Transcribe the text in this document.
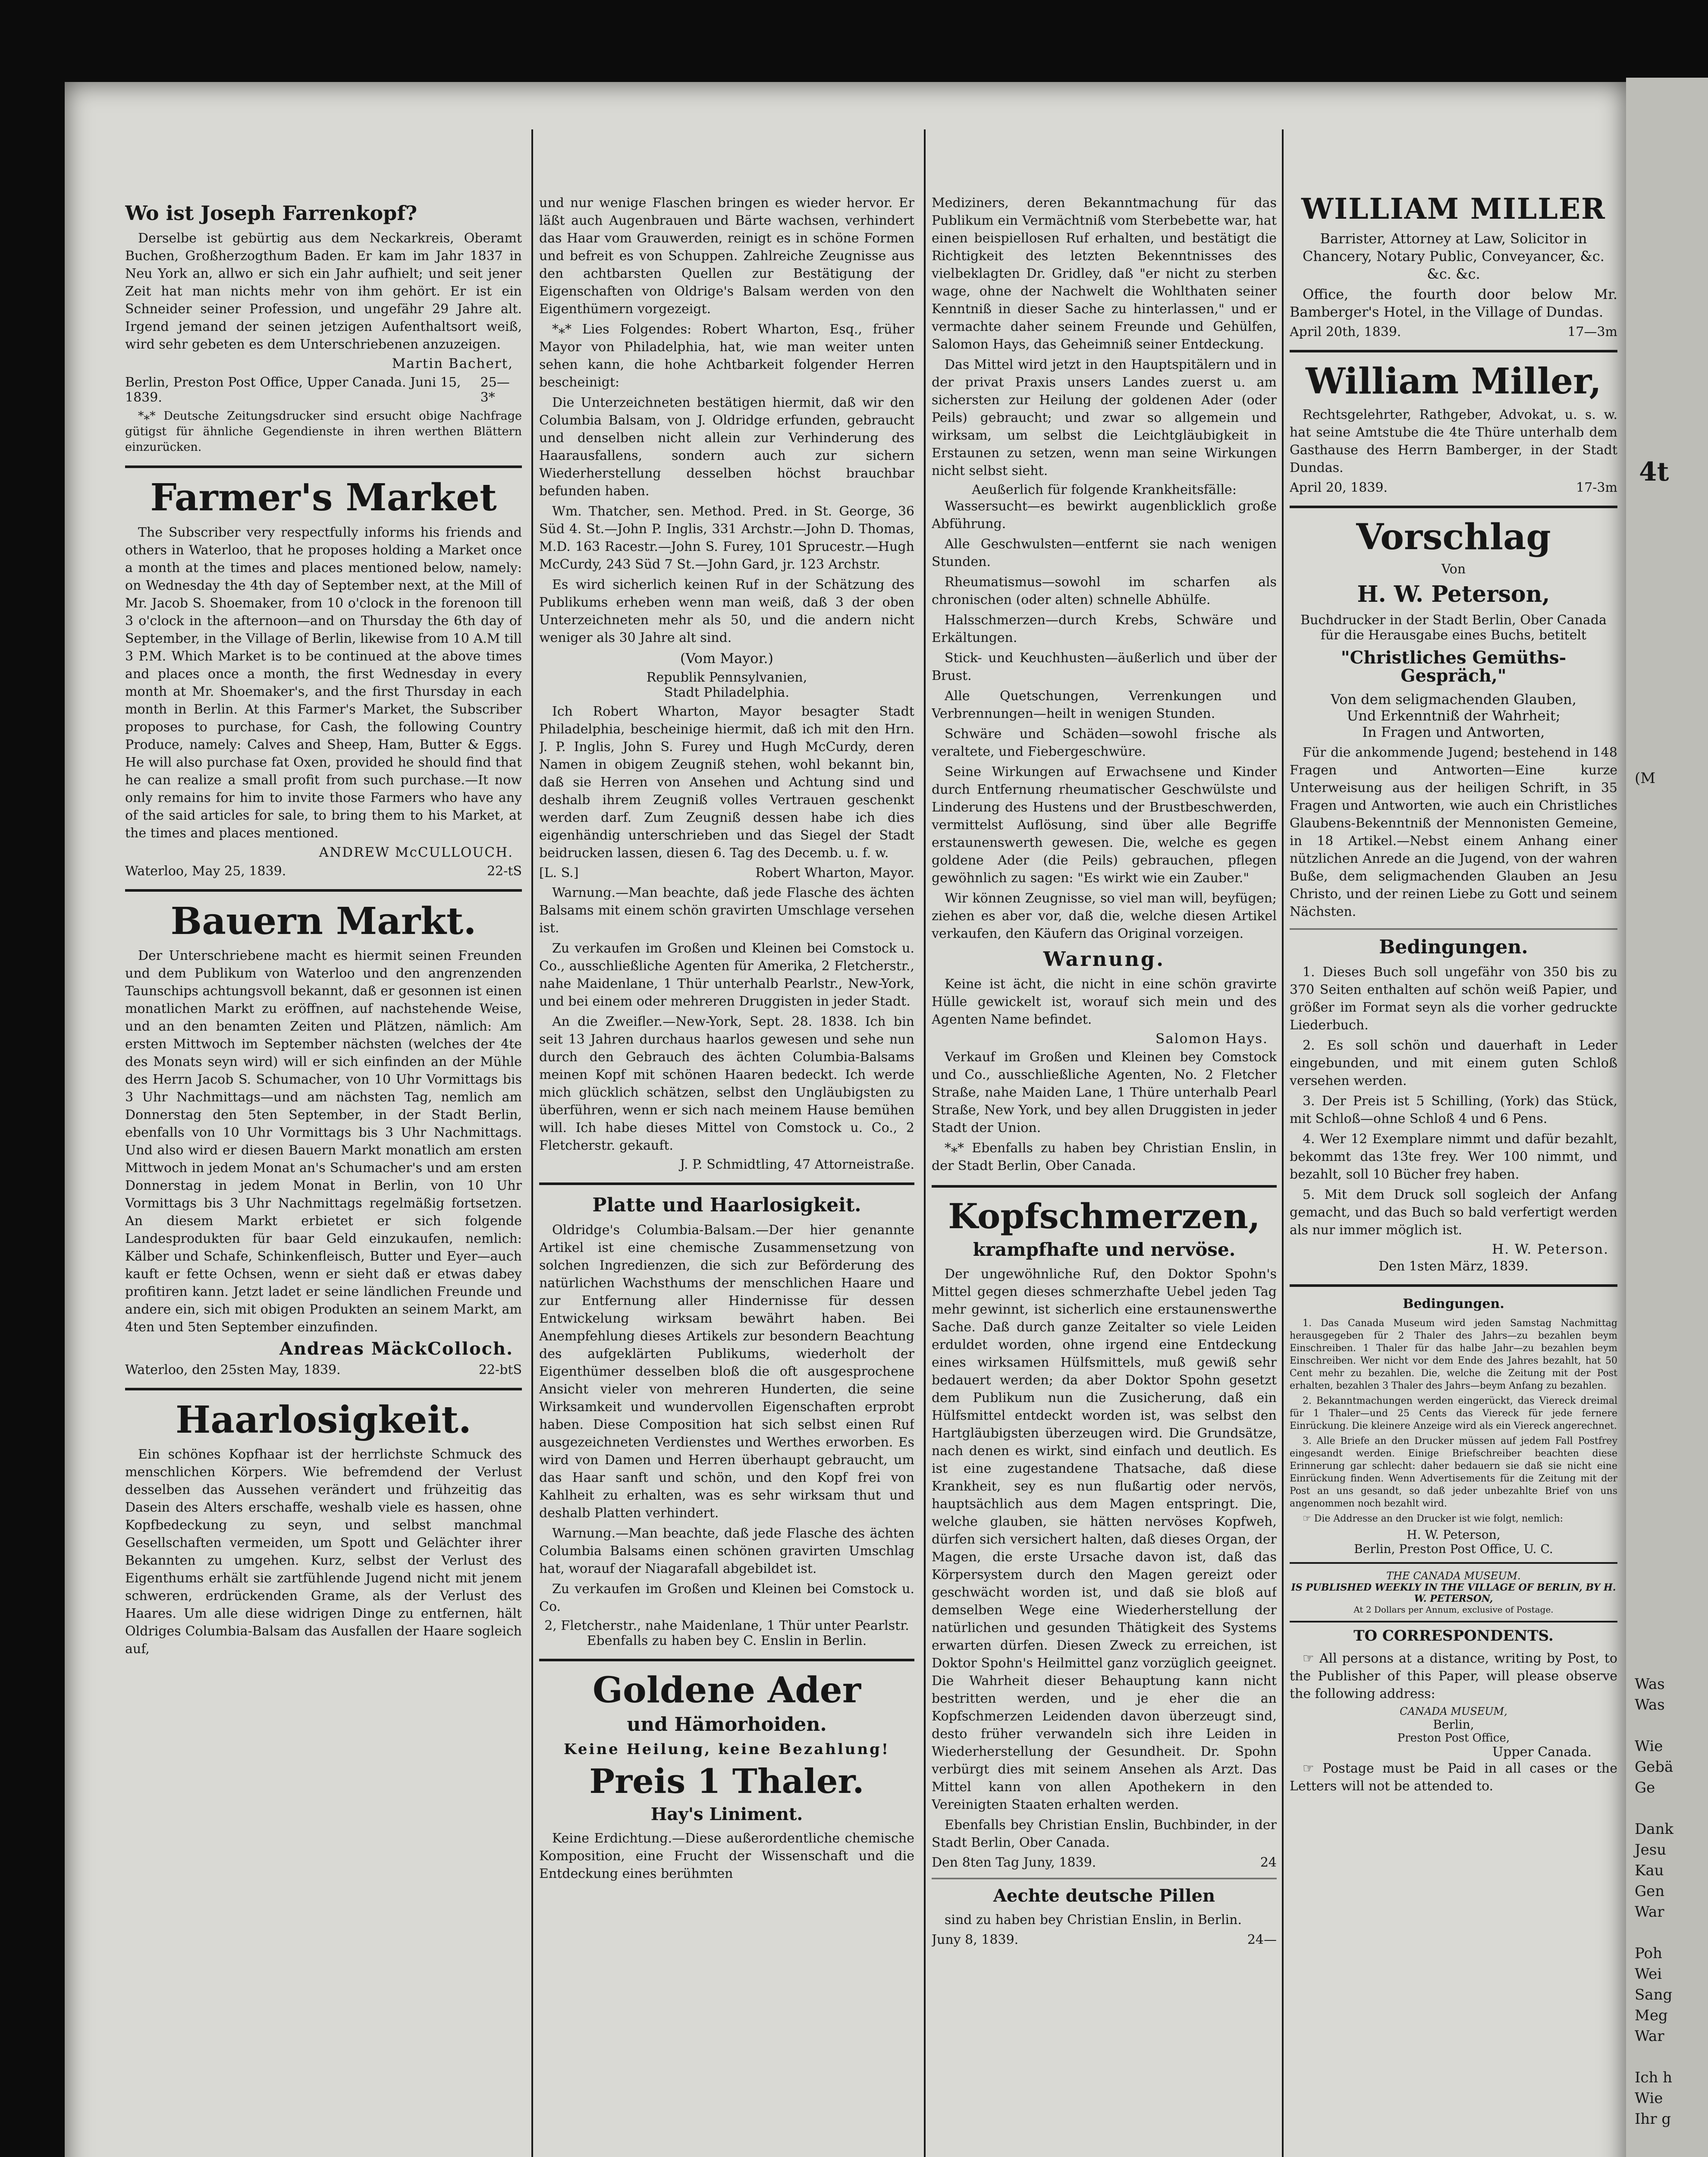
4t
(M
Was
Was

Wie
Gebä
Ge

Dank
Jesu
Kau
Gen
War

Poh
Wei
Sang
Meg
War

Ich h
Wie
Ihr g
Wo ist Joseph Farrenkopf?

Derselbe ist gebürtig aus dem Neckarkreis, Oberamt Buchen, Großherzogthum Baden. Er kam im Jahr 1837 in Neu York an, allwo er sich ein Jahr aufhielt; und seit jener Zeit hat man nichts mehr von ihm gehört. Er ist ein Schneider seiner Profession, und ungefähr 29 Jahre alt. Irgend jemand der seinen jetzigen Aufenthaltsort weiß, wird sehr gebeten es dem Unterschriebenen anzuzeigen.

Martin Bachert,
Berlin, Preston Post Office, Upper Canada. Juni 15, 1839.
25—3*

*⁎* Deutsche Zeitungsdrucker sind ersucht obige Nachfrage gütigst für ähnliche Gegendienste in ihren werthen Blättern einzurücken.

Farmer's Market

The Subscriber very respectfully informs his friends and others in Waterloo, that he proposes holding a Market once a month at the times and places mentioned below, namely: on Wednesday the 4th day of September next, at the Mill of Mr. Jacob S. Shoemaker, from 10 o'clock in the forenoon till 3 o'clock in the afternoon—and on Thursday the 6th day of September, in the Village of Berlin, likewise from 10 A.M till 3 P.M. Which Market is to be continued at the above times and places once a month, the first Wednesday in every month at Mr. Shoemaker's, and the first Thursday in each month in Berlin. At this Farmer's Market, the Subscriber proposes to purchase, for Cash, the following Country Produce, namely: Calves and Sheep, Ham, Butter & Eggs. He will also purchase fat Oxen, provided he should find that he can realize a small profit from such purchase.—It now only remains for him to invite those Farmers who have any of the said articles for sale, to bring them to his Market, at the times and places mentioned.

ANDREW McCULLOUCH.
Waterloo, May 25, 1839.	22-tS
Bauern Markt.

Der Unterschriebene macht es hiermit seinen Freunden und dem Publikum von Waterloo und den angrenzenden Taunschips achtungsvoll bekannt, daß er gesonnen ist einen monatlichen Markt zu eröffnen, auf nachstehende Weise, und an den benamten Zeiten und Plätzen, nämlich: Am ersten Mittwoch im September nächsten (welches der 4te des Monats seyn wird) will er sich einfinden an der Mühle des Herrn Jacob S. Schumacher, von 10 Uhr Vormittags bis 3 Uhr Nachmittags—und am nächsten Tag, nemlich am Donnerstag den 5ten September, in der Stadt Berlin, ebenfalls von 10 Uhr Vormittags bis 3 Uhr Nachmittags. Und also wird er diesen Bauern Markt monatlich am ersten Mittwoch in jedem Monat an's Schumacher's und am ersten Donnerstag in jedem Monat in Berlin, von 10 Uhr Vormittags bis 3 Uhr Nachmittags regelmäßig fortsetzen. An diesem Markt erbietet er sich folgende Landesprodukten für baar Geld einzukaufen, nemlich: Kälber und Schafe, Schinkenfleisch, Butter und Eyer—auch kauft er fette Ochsen, wenn er sieht daß er etwas dabey profitiren kann. Jetzt ladet er seine ländlichen Freunde und andere ein, sich mit obigen Produkten an seinem Markt, am 4ten und 5ten September einzufinden.

Andreas MäckColloch.
Waterloo, den 25sten May, 1839.	22-btS
Haarlosigkeit.

Ein schönes Kopfhaar ist der herrlichste Schmuck des menschlichen Körpers. Wie befremdend der Verlust desselben das Aussehen verändert und frühzeitig das Dasein des Alters erschaffe, weshalb viele es hassen, ohne Kopfbedeckung zu seyn, und selbst manchmal Gesellschaften vermeiden, um Spott und Gelächter ihrer Bekannten zu umgehen. Kurz, selbst der Verlust des Eigenthums erhält sie zartfühlende Jugend nicht mit jenem schweren, erdrückenden Grame, als der Verlust des Haares. Um alle diese widrigen Dinge zu entfernen, hält Oldriges Columbia-Balsam das Ausfallen der Haare sogleich auf,

und nur wenige Flaschen bringen es wieder hervor. Er läßt auch Augenbrauen und Bärte wachsen, verhindert das Haar vom Grauwerden, reinigt es in schöne Formen und befreit es von Schuppen. Zahlreiche Zeugnisse aus den achtbarsten Quellen zur Bestätigung der Eigenschaften von Oldrige's Balsam werden von den Eigenthümern vorgezeigt.

*⁎* Lies Folgendes: Robert Wharton, Esq., früher Mayor von Philadelphia, hat, wie man weiter unten sehen kann, die hohe Achtbarkeit folgender Herren bescheinigt:

Die Unterzeichneten bestätigen hiermit, daß wir den Columbia Balsam, von J. Oldridge erfunden, gebraucht und denselben nicht allein zur Verhinderung des Haarausfallens, sondern auch zur sichern Wiederherstellung desselben höchst brauchbar befunden haben.

Wm. Thatcher, sen. Method. Pred. in St. George, 36 Süd 4. St.—John P. Inglis, 331 Archstr.—John D. Thomas, M.D. 163 Racestr.—John S. Furey, 101 Sprucestr.—Hugh McCurdy, 243 Süd 7 St.—John Gard, jr. 123 Archstr.

Es wird sicherlich keinen Ruf in der Schätzung des Publikums erheben wenn man weiß, daß 3 der oben Unterzeichneten mehr als 50, und die andern nicht weniger als 30 Jahre alt sind.

(Vom Mayor.)
Republik Pennsylvanien,
Stadt Philadelphia.

Ich Robert Wharton, Mayor besagter Stadt Philadelphia, bescheinige hiermit, daß ich mit den Hrn. J. P. Inglis, John S. Furey und Hugh McCurdy, deren Namen in obigem Zeugniß stehen, wohl bekannt bin, daß sie Herren von Ansehen und Achtung sind und deshalb ihrem Zeugniß volles Vertrauen geschenkt werden darf. Zum Zeugniß dessen habe ich dies eigenhändig unterschrieben und das Siegel der Stadt beidrucken lassen, diesen 6. Tag des Decemb. u. f. w.

[L. S.]	Robert Wharton, Mayor.

Warnung.—Man beachte, daß jede Flasche des ächten Balsams mit einem schön gravirten Umschlage versehen ist.

Zu verkaufen im Großen und Kleinen bei Comstock u. Co., ausschließliche Agenten für Amerika, 2 Fletcherstr., nahe Maidenlane, 1 Thür unterhalb Pearlstr., New-York, und bei einem oder mehreren Druggisten in jeder Stadt.

An die Zweifler.—New-York, Sept. 28. 1838. Ich bin seit 13 Jahren durchaus haarlos gewesen und sehe nun durch den Gebrauch des ächten Columbia-Balsams meinen Kopf mit schönen Haaren bedeckt. Ich werde mich glücklich schätzen, selbst den Ungläubigsten zu überführen, wenn er sich nach meinem Hause bemühen will. Ich habe dieses Mittel von Comstock u. Co., 2 Fletcherstr. gekauft.

J. P. Schmidtling, 47 Attorneistraße.
Platte und Haarlosigkeit.

Oldridge's Columbia-Balsam.—Der hier genannte Artikel ist eine chemische Zusammensetzung von solchen Ingredienzen, die sich zur Beförderung des natürlichen Wachsthums der menschlichen Haare und zur Entfernung aller Hindernisse für dessen Entwickelung wirksam bewährt haben. Bei Anempfehlung dieses Artikels zur besondern Beachtung des aufgeklärten Publikums, wiederholt der Eigenthümer desselben bloß die oft ausgesprochene Ansicht vieler von mehreren Hunderten, die seine Wirksamkeit und wundervollen Eigenschaften erprobt haben. Diese Composition hat sich selbst einen Ruf ausgezeichneten Verdienstes und Werthes erworben. Es wird von Damen und Herren überhaupt gebraucht, um das Haar sanft und schön, und den Kopf frei von Kahlheit zu erhalten, was es sehr wirksam thut und deshalb Platten verhindert.

Warnung.—Man beachte, daß jede Flasche des ächten Columbia Balsams einen schönen gravirten Umschlag hat, worauf der Niagarafall abgebildet ist.

Zu verkaufen im Großen und Kleinen bei Comstock u. Co.

2, Fletcherstr., nahe Maidenlane, 1 Thür unter Pearlstr.
Ebenfalls zu haben bey C. Enslin in Berlin.
Goldene Ader
und Hämorhoiden.
Keine Heilung, keine Bezahlung!
Preis 1 Thaler.
Hay's Liniment.

Keine Erdichtung.—Diese außerordentliche chemische Komposition, eine Frucht der Wissenschaft und die Entdeckung eines berühmten

Mediziners, deren Bekanntmachung für das Publikum ein Vermächtniß vom Sterbebette war, hat einen beispiellosen Ruf erhalten, und bestätigt die Richtigkeit des letzten Bekenntnisses des vielbeklagten Dr. Gridley, daß "er nicht zu sterben wage, ohne der Nachwelt die Wohlthaten seiner Kenntniß in dieser Sache zu hinterlassen," und er vermachte daher seinem Freunde und Gehülfen, Salomon Hays, das Geheimniß seiner Entdeckung.

Das Mittel wird jetzt in den Hauptspitälern und in der privat Praxis unsers Landes zuerst u. am sichersten zur Heilung der goldenen Ader (oder Peils) gebraucht; und zwar so allgemein und wirksam, um selbst die Leichtgläubigkeit in Erstaunen zu setzen, wenn man seine Wirkungen nicht selbst sieht.

Aeußerlich für folgende Krankheitsfälle:

Wassersucht—es bewirkt augenblicklich große Abführung.

Alle Geschwulsten—entfernt sie nach wenigen Stunden.

Rheumatismus—sowohl im scharfen als chronischen (oder alten) schnelle Abhülfe.

Halsschmerzen—durch Krebs, Schwäre und Erkältungen.

Stick- und Keuchhusten—äußerlich und über der Brust.

Alle Quetschungen, Verrenkungen und Verbrennungen—heilt in wenigen Stunden.

Schwäre und Schäden—sowohl frische als veraltete, und Fiebergeschwüre.

Seine Wirkungen auf Erwachsene und Kinder durch Entfernung rheumatischer Geschwülste und Linderung des Hustens und der Brustbeschwerden, vermittelst Auflösung, sind über alle Begriffe erstaunenswerth gewesen. Die, welche es gegen goldene Ader (die Peils) gebrauchen, pflegen gewöhnlich zu sagen: "Es wirkt wie ein Zauber."

Wir können Zeugnisse, so viel man will, beyfügen; ziehen es aber vor, daß die, welche diesen Artikel verkaufen, den Käufern das Original vorzeigen.

Warnung.

Keine ist ächt, die nicht in eine schön gravirte Hülle gewickelt ist, worauf sich mein und des Agenten Name befindet.

Salomon Hays.

Verkauf im Großen und Kleinen bey Comstock und Co., ausschließliche Agenten, No. 2 Fletcher Straße, nahe Maiden Lane, 1 Thüre unterhalb Pearl Straße, New York, und bey allen Druggisten in jeder Stadt der Union.

*⁎* Ebenfalls zu haben bey Christian Enslin, in der Stadt Berlin, Ober Canada.

Kopfschmerzen,
krampfhafte und nervöse.

Der ungewöhnliche Ruf, den Doktor Spohn's Mittel gegen dieses schmerzhafte Uebel jeden Tag mehr gewinnt, ist sicherlich eine erstaunenswerthe Sache. Daß durch ganze Zeitalter so viele Leiden erduldet worden, ohne irgend eine Entdeckung eines wirksamen Hülfsmittels, muß gewiß sehr bedauert werden; da aber Doktor Spohn gesetzt dem Publikum nun die Zusicherung, daß ein Hülfsmittel entdeckt worden ist, was selbst den Hartgläubigsten überzeugen wird. Die Grundsätze, nach denen es wirkt, sind einfach und deutlich. Es ist eine zugestandene Thatsache, daß diese Krankheit, sey es nun flußartig oder nervös, hauptsächlich aus dem Magen entspringt. Die, welche glauben, sie hätten nervöses Kopfweh, dürfen sich versichert halten, daß dieses Organ, der Magen, die erste Ursache davon ist, daß das Körpersystem durch den Magen gereizt oder geschwächt worden ist, und daß sie bloß auf demselben Wege eine Wiederherstellung der natürlichen und gesunden Thätigkeit des Systems erwarten dürfen. Diesen Zweck zu erreichen, ist Doktor Spohn's Heilmittel ganz vorzüglich geeignet. Die Wahrheit dieser Behauptung kann nicht bestritten werden, und je eher die an Kopfschmerzen Leidenden davon überzeugt sind, desto früher verwandeln sich ihre Leiden in Wiederherstellung der Gesundheit. Dr. Spohn verbürgt dies mit seinem Ansehen als Arzt. Das Mittel kann von allen Apothekern in den Vereinigten Staaten erhalten werden.

Ebenfalls bey Christian Enslin, Buchbinder, in der Stadt Berlin, Ober Canada.

Den 8ten Tag Juny, 1839.	24
Aechte deutsche Pillen

sind zu haben bey Christian Enslin, in Berlin.

Juny 8, 1839.	24—
WILLIAM MILLER

Barrister, Attorney at Law, Solicitor in Chancery, Notary Public, Conveyancer, &c. &c. &c.

Office, the fourth door below Mr. Bamberger's Hotel, in the Village of Dundas.

April 20th, 1839.	17—3m
William Miller,

Rechtsgelehrter, Rathgeber, Advokat, u. s. w. hat seine Amtstube die 4te Thüre unterhalb dem Gasthause des Herrn Bamberger, in der Stadt Dundas.

April 20, 1839.	17-3m
Vorschlag
Von
H. W. Peterson,
Buchdrucker in der Stadt Berlin, Ober Canada
für die Herausgabe eines Buchs, betitelt
"Christliches Gemüths-Gespräch,"
Von dem seligmachenden Glauben,
Und Erkenntniß der Wahrheit;
In Fragen und Antworten,

Für die ankommende Jugend; bestehend in 148 Fragen und Antworten—Eine kurze Unterweisung aus der heiligen Schrift, in 35 Fragen und Antworten, wie auch ein Christliches Glaubens-Bekenntniß der Mennonisten Gemeine, in 18 Artikel.—Nebst einem Anhang einer nützlichen Anrede an die Jugend, von der wahren Buße, dem seligmachenden Glauben an Jesu Christo, und der reinen Liebe zu Gott und seinem Nächsten.

Bedingungen.

1. Dieses Buch soll ungefähr von 350 bis zu 370 Seiten enthalten auf schön weiß Papier, und größer im Format seyn als die vorher gedruckte Liederbuch.

2. Es soll schön und dauerhaft in Leder eingebunden, und mit einem guten Schloß versehen werden.

3. Der Preis ist 5 Schilling, (York) das Stück, mit Schloß—ohne Schloß 4 und 6 Pens.

4. Wer 12 Exemplare nimmt und dafür bezahlt, bekommt das 13te frey. Wer 100 nimmt, und bezahlt, soll 10 Bücher frey haben.

5. Mit dem Druck soll sogleich der Anfang gemacht, und das Buch so bald verfertigt werden als nur immer möglich ist.

H. W. Peterson.
Den 1sten März, 1839.
Bedingungen.

1. Das Canada Museum wird jeden Samstag Nachmittag herausgegeben für 2 Thaler des Jahrs—zu bezahlen beym Einschreiben. 1 Thaler für das halbe Jahr—zu bezahlen beym Einschreiben. Wer nicht vor dem Ende des Jahres bezahlt, hat 50 Cent mehr zu bezahlen. Die, welche die Zeitung mit der Post erhalten, bezahlen 3 Thaler des Jahrs—beym Anfang zu bezahlen.

2. Bekanntmachungen werden eingerückt, das Viereck dreimal für 1 Thaler—und 25 Cents das Viereck für jede fernere Einrückung. Die kleinere Anzeige wird als ein Viereck angerechnet.

3. Alle Briefe an den Drucker müssen auf jedem Fall Postfrey eingesandt werden. Einige Briefschreiber beachten diese Erinnerung gar schlecht: daher bedauern sie daß sie nicht eine Einrückung finden. Wenn Advertisements für die Zeitung mit der Post an uns gesandt, so daß jeder unbezahlte Brief von uns angenommen noch bezahlt wird.

☞ Die Addresse an den Drucker ist wie folgt, nemlich:

H. W. Peterson,
Berlin, Preston Post Office, U. C.
THE CANADA MUSEUM.
IS PUBLISHED WEEKLY IN THE VILLAGE OF BERLIN, BY H. W. PETERSON,
At 2 Dollars per Annum, exclusive of Postage.
TO CORRESPONDENTS.

☞ All persons at a distance, writing by Post, to the Publisher of this Paper, will please observe the following address:

CANADA MUSEUM,
Berlin,
Preston Post Office,
Upper Canada.

☞ Postage must be Paid in all cases or the Letters will not be attended to.
